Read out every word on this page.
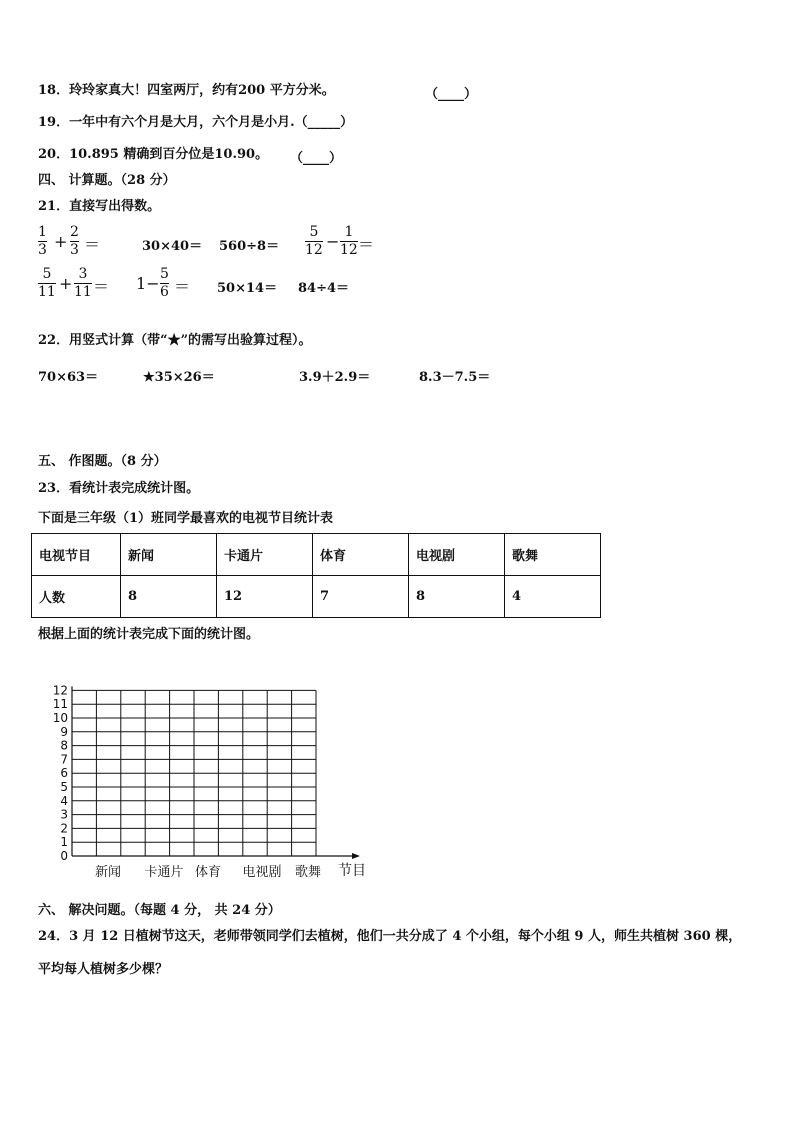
18．玲玲家真大！四室两厅，约有200 平方分米。	（____）
19．一年中有六个月是大月，六个月是小月.（_____）
20．10.895 精确到百分位是10.90。 （____）
四、 计算题。（28 分）
21．直接写出得数。
1
3 + 2
3 ＝	30×40＝ 560÷8＝
5
12 − 1
12 ＝
5
11 + 3
11 ＝ 1− 5
6 ＝ 50×14＝ 84÷4＝
22．用竖式计算（带“★”的需写出验算过程）。
70×63＝	★35×26＝	3.9＋2.9＝	8.3－7.5＝
五、 作图题。（8 分）
23．看统计表完成统计图。
下面是三年级（1）班同学最喜欢的电视节目统计表
电视节目	新闻	卡通片	体育	电视剧	歌舞
人数	8	12	7	8	4
根据上面的统计表完成下面的统计图。
0
1
2
3
4
5
6
7
8
9
10
11
12
新闻 卡通片 体育 电视剧 歌舞 节目
六、 解决问题。（每题 4 分， 共 24 分）
24．3 月 12 日植树节这天，老师带领同学们去植树，他们一共分成了 4 个小组，每个小组 9 人，师生共植树 360 棵，
平均每人植树多少棵？
